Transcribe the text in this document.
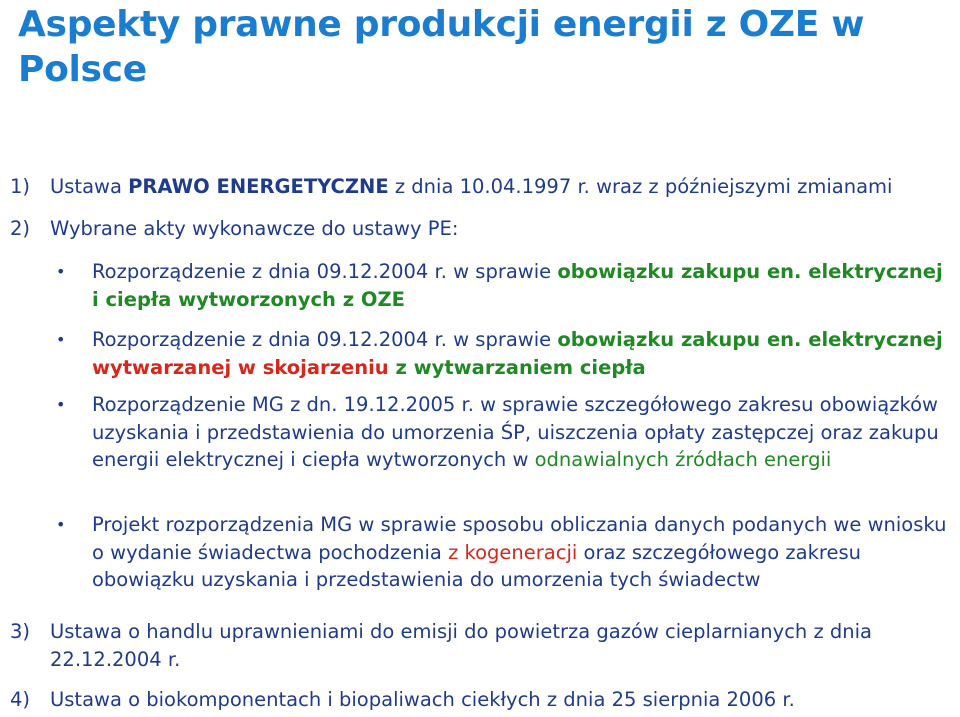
Aspekty prawne produkcji energii z OZE w Polsce
1) Ustawa PRAWO ENERGETYCZNE z dnia 10.04.1997 r. wraz z późniejszymi zmianami
2) Wybrane akty wykonawcze do ustawy PE:
• Rozporządzenie z dnia 09.12.2004 r. w sprawie obowiązku zakupu en. elektrycznej i ciepła wytworzonych z OZE
• Rozporządzenie z dnia 09.12.2004 r. w sprawie obowiązku zakupu en. elektrycznej wytwarzanej w skojarzeniu z wytwarzaniem ciepła
• Rozporządzenie MG z dn. 19.12.2005 r. w sprawie szczegółowego zakresu obowiązków uzyskania i przedstawienia do umorzenia ŚP, uiszczenia opłaty zastępczej oraz zakupu energii elektrycznej i ciepła wytworzonych w odnawialnych źródłach energii
• Projekt rozporządzenia MG w sprawie sposobu obliczania danych podanych we wniosku o wydanie świadectwa pochodzenia z kogeneracji oraz szczegółowego zakresu obowiązku uzyskania i przedstawienia do umorzenia tych świadectw
3) Ustawa o handlu uprawnieniami do emisji do powietrza gazów cieplarnianych z dnia 22.12.2004 r.
4) Ustawa o biokomponentach i biopaliwach ciekłych z dnia 25 sierpnia 2006 r.
